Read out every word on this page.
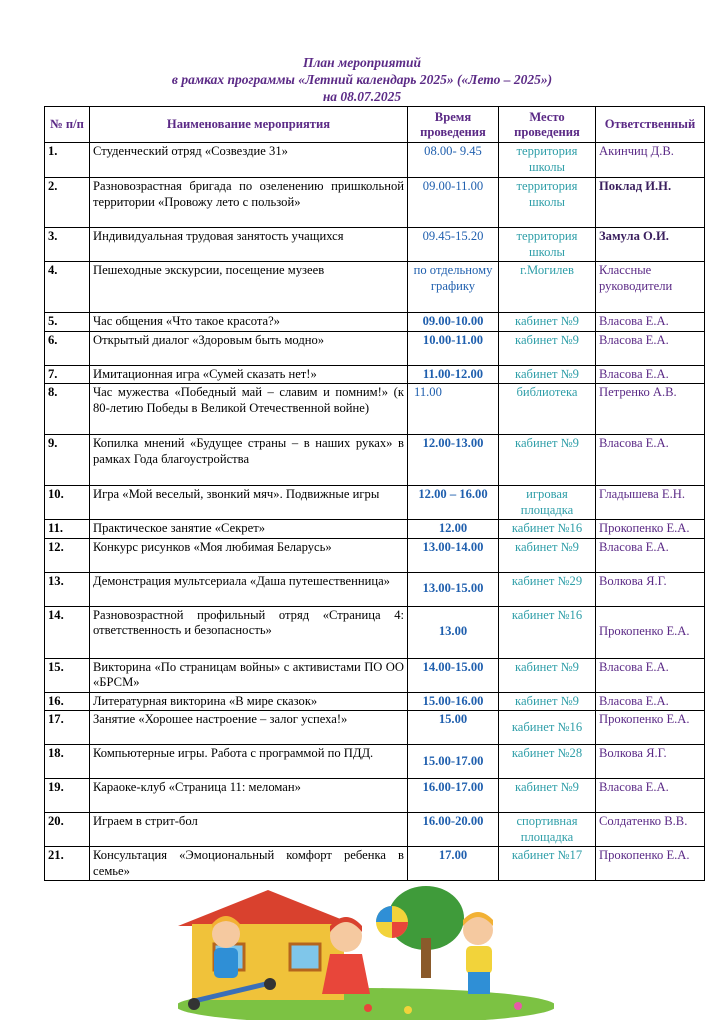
План мероприятий
в рамках программы «Летний календарь 2025» («Лето – 2025»)
на 08.07.2025
№ п/п	Наименование мероприятия	Время проведения	Место проведения	Ответственный
1.	Студенческий отряд «Созвездие 31»	08.00- 9.45	территория школы	Акинчиц Д.В.
2.	Разновозрастная бригада по озеленению пришкольной территории «Провожу лето с пользой»	09.00-11.00	территория школы	Поклад И.Н.
3.	Индивидуальная трудовая занятость учащихся	09.45-15.20	территория школы	Замула О.И.
4.	Пешеходные экскурсии, посещение музеев	по отдельному графику	г.Могилев	Классные руководители
5.	Час общения «Что такое красота?»	09.00-10.00	кабинет №9	Власова Е.А.
6.	Открытый диалог «Здоровым быть модно»	10.00-11.00	кабинет №9	Власова Е.А.
7.	Имитационная игра «Сумей сказать нет!»	11.00-12.00	кабинет №9	Власова Е.А.
8.	Час мужества «Победный май – славим и помним!» (к 80-летию Победы в Великой Отечественной войне)	11.00	библиотека	Петренко А.В.
9.	Копилка мнений «Будущее страны – в наших руках» в рамках Года благоустройства	12.00-13.00	кабинет №9	Власова Е.А.
10.	Игра «Мой веселый, звонкий мяч». Подвижные игры	12.00 – 16.00	игровая площадка	Гладышева Е.Н.
11.	Практическое занятие «Секрет»	12.00	кабинет №16	Прокопенко Е.А.
12.	Конкурс рисунков «Моя любимая Беларусь»	13.00-14.00	кабинет №9	Власова Е.А.
13.	Демонстрация мультсериала «Даша путешественница»	13.00-15.00	кабинет №29	Волкова Я.Г.
14.	Разновозрастной профильный отряд «Страница 4: ответственность и безопасность»	13.00	кабинет №16	Прокопенко Е.А.
15.	Викторина «По страницам войны» с активистами ПО ОО «БРСМ»	14.00-15.00	кабинет №9	Власова Е.А.
16.	Литературная викторина «В мире сказок»	15.00-16.00	кабинет №9	Власова Е.А.
17.	Занятие «Хорошее настроение – залог успеха!»	15.00	кабинет №16	Прокопенко Е.А.
18.	Компьютерные игры. Работа с программой по ПДД.	15.00-17.00	кабинет №28	Волкова Я.Г.
19.	Караоке-клуб «Страница 11: меломан»	16.00-17.00	кабинет №9	Власова Е.А.
20.	Играем в стрит-бол	16.00-20.00	спортивная площадка	Солдатенко В.В.
21.	Консультация «Эмоциональный комфорт ребенка в семье»	17.00	кабинет №17	Прокопенко Е.А.
